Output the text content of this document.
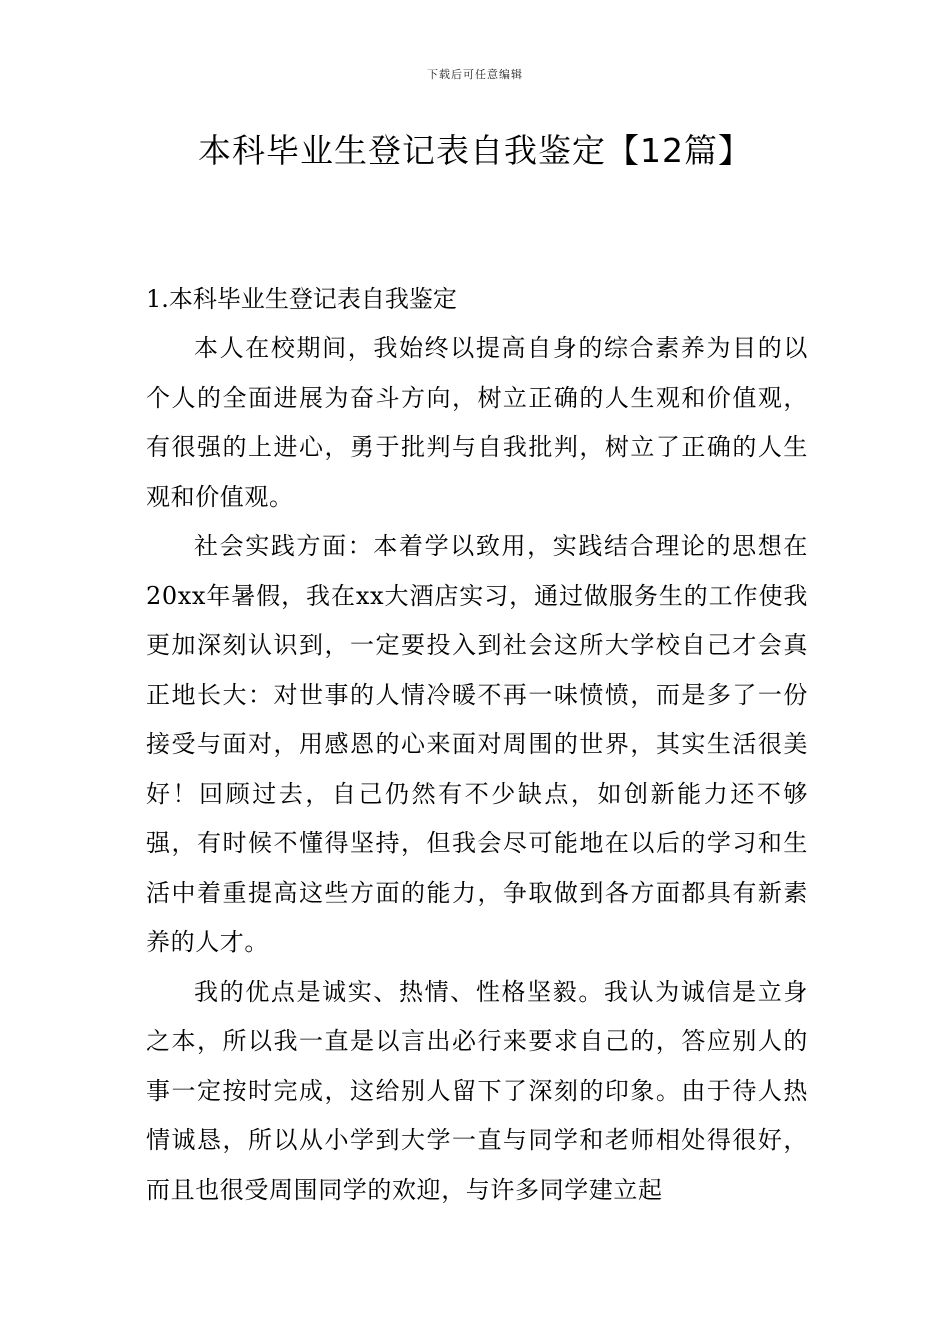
下载后可任意编辑
本科毕业生登记表自我鉴定【12篇】

1.本科毕业生登记表自我鉴定

本人在校期间，我始终以提高自身的综合素养为目的以个人的全面进展为奋斗方向，树立正确的人生观和价值观，有很强的上进心，勇于批判与自我批判，树立了正确的人生观和价值观。

社会实践方面：本着学以致用，实践结合理论的思想在20xx年暑假，我在xx大酒店实习，通过做服务生的工作使我更加深刻认识到，一定要投入到社会这所大学校自己才会真正地长大：对世事的人情冷暖不再一味愤愤，而是多了一份接受与面对，用感恩的心来面对周围的世界，其实生活很美好！回顾过去，自己仍然有不少缺点，如创新能力还不够强，有时候不懂得坚持，但我会尽可能地在以后的学习和生活中着重提高这些方面的能力，争取做到各方面都具有新素养的人才。

我的优点是诚实、热情、性格坚毅。我认为诚信是立身之本，所以我一直是以言出必行来要求自己的，答应别人的事一定按时完成，这给别人留下了深刻的印象。由于待人热情诚恳，所以从小学到大学一直与同学和老师相处得很好，而且也很受周围同学的欢迎，与许多同学建立起
